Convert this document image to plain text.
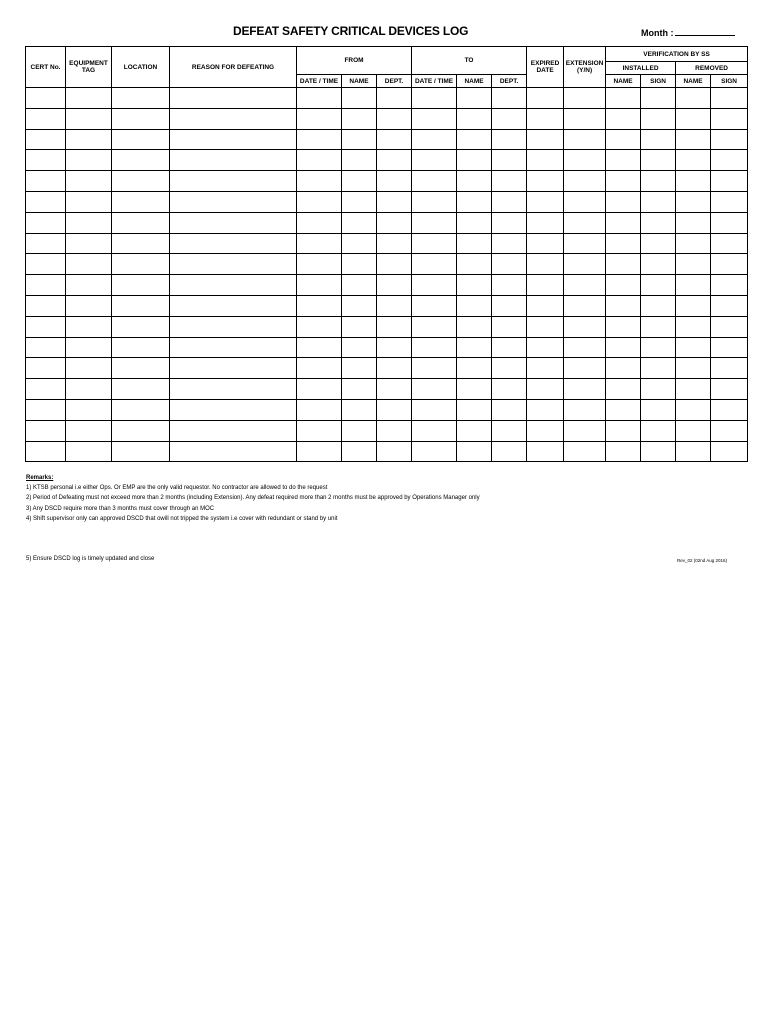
DEFEAT SAFETY CRITICAL DEVICES LOG	Month :
CERT No.	EQUIPMENT TAG	LOCATION	REASON FOR DEFEATING	FROM			TO			EXPIRED DATE	EXTENSION (Y/N)	VERIFICATION BY SS			
												INSTALLED		REMOVED	
				DATE / TIME	NAME	DEPT.	DATE / TIME	NAME	DEPT.			NAME	SIGN	NAME	SIGN

Remarks:
1) KTSB personal i.e either Ops. Or EMP are the only valid requestor. No contractor are allowed to do the request
2) Period of Defeating must not exceed more than 2 months (including Extension). Any defeat required more than 2 months must be approved by Operations Manager only
3) Any DSCD require more than 3 months must cover through an MOC
4) Shift supervisor only can approved DSCD that owill not tripped the system i.e cover with redundant or stand by unit
5) Ensure DSCD log is timely updated and close	Rev_02 (02nd Aug 2016)
